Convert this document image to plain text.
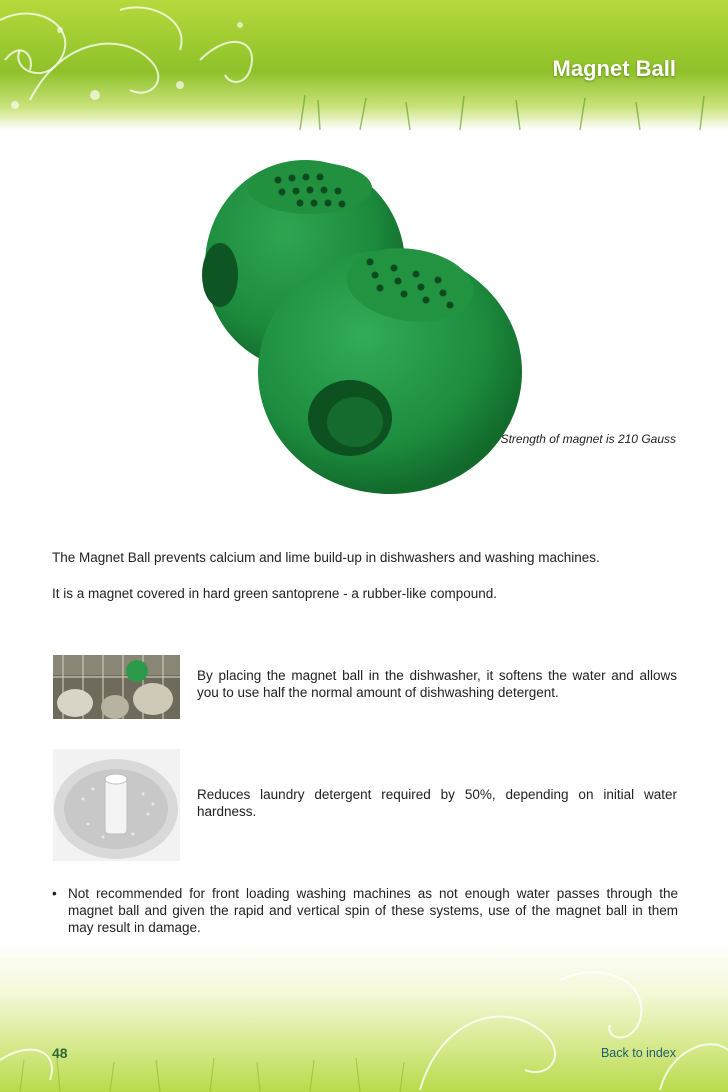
Magnet Ball
Strength of magnet is 210 Gauss
The Magnet Ball prevents calcium and lime build-up in dishwashers and washing machines.
It is a magnet covered in hard green santoprene - a rubber-like compound.
By placing the magnet ball in the dishwasher, it softens the water and allows you to use half the normal amount of dishwashing detergent.
Reduces laundry detergent required by 50%, depending on initial water hardness.
• Not recommended for front loading washing machines as not enough water passes through the magnet ball and given the rapid and vertical spin of these systems, use of the magnet ball in them may result in damage.
48	Back to index
